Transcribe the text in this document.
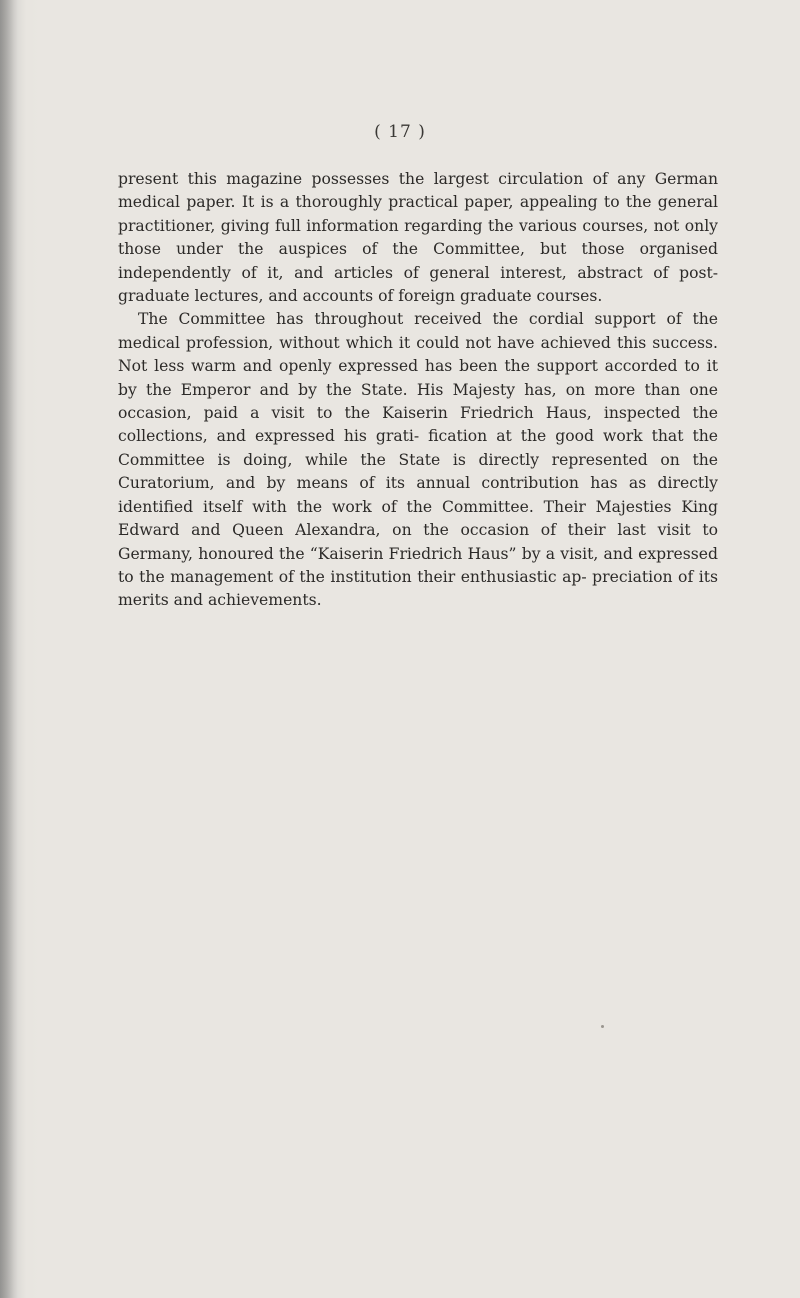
( 17 )

present this magazine possesses the largest circulation of any German medical paper. It is a thoroughly practical paper, appealing to the general practitioner, giving full information regarding the various courses, not only those under the auspices of the Committee, but those organised independently of it, and articles of general interest, abstract of post-graduate lectures, and accounts of foreign graduate courses.

The Committee has throughout received the cordial support of the medical profession, without which it could not have achieved this success. Not less warm and openly expressed has been the support accorded to it by the Emperor and by the State. His Majesty has, on more than one occasion, paid a visit to the Kaiserin Friedrich Haus, inspected the collections, and expressed his grati- fication at the good work that the Committee is doing, while the State is directly represented on the Curatorium, and by means of its annual contribution has as directly identified itself with the work of the Committee. Their Majesties King Edward and Queen Alexandra, on the occasion of their last visit to Germany, honoured the “Kaiserin Friedrich Haus” by a visit, and expressed to the management of the institution their enthusiastic ap- preciation of its merits and achievements.
